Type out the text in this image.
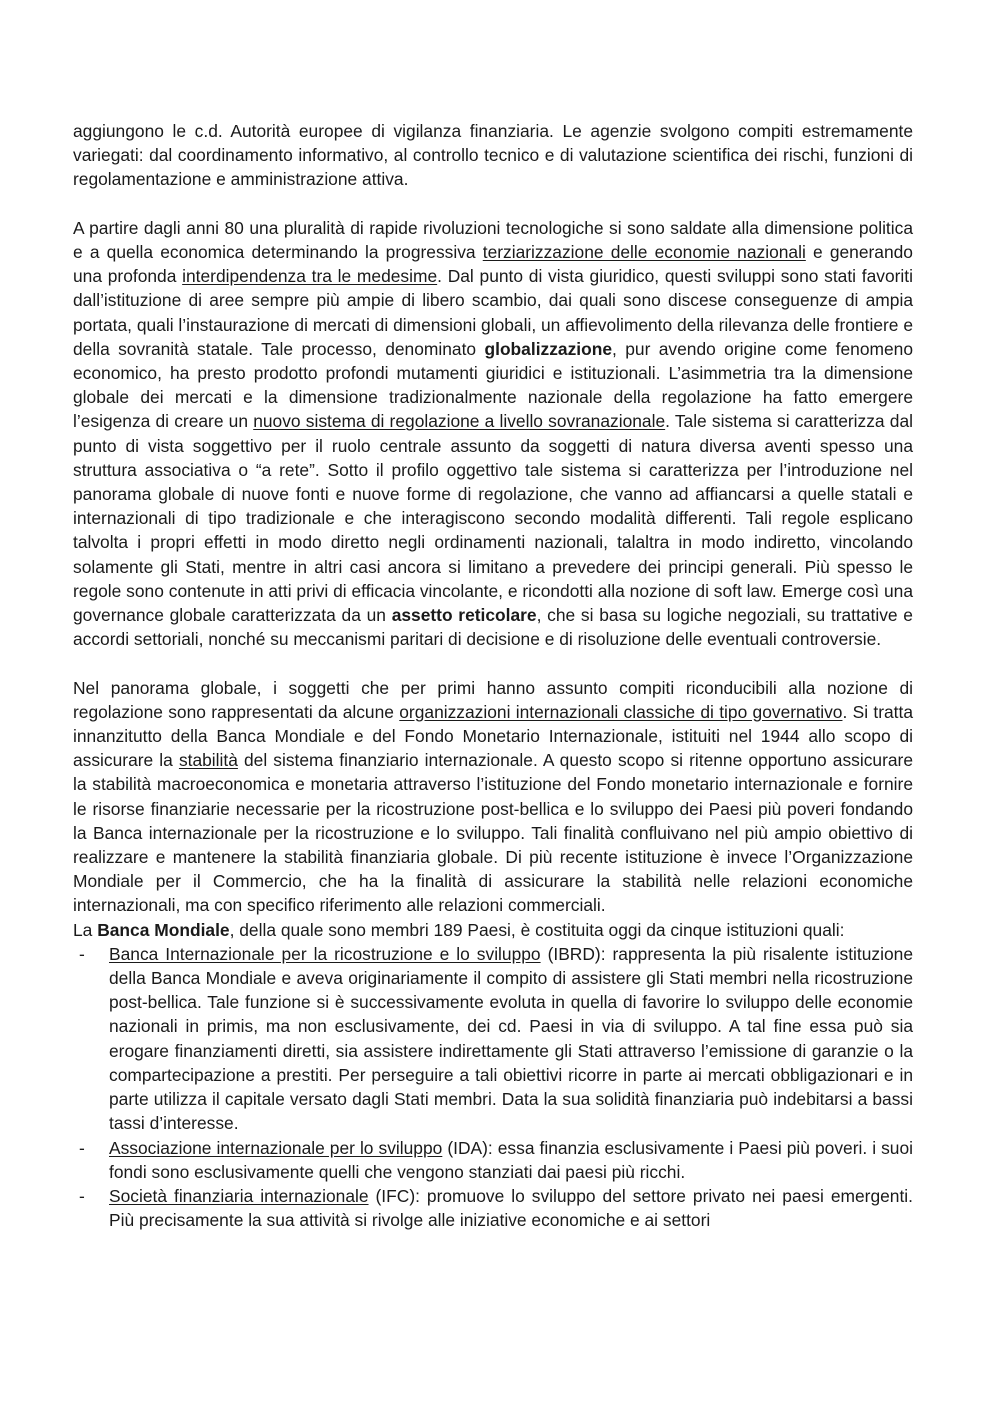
aggiungono le c.d. Autorità europee di vigilanza finanziaria. Le agenzie svolgono compiti estremamente variegati: dal coordinamento informativo, al controllo tecnico e di valutazione scientifica dei rischi, funzioni di regolamentazione e amministrazione attiva.

A partire dagli anni 80 una pluralità di rapide rivoluzioni tecnologiche si sono saldate alla dimensione politica e a quella economica determinando la progressiva terziarizzazione delle economie nazionali e generando una profonda interdipendenza tra le medesime. Dal punto di vista giuridico, questi sviluppi sono stati favoriti dall’istituzione di aree sempre più ampie di libero scambio, dai quali sono discese conseguenze di ampia portata, quali l’instaurazione di mercati di dimensioni globali, un affievolimento della rilevanza delle frontiere e della sovranità statale. Tale processo, denominato globalizzazione, pur avendo origine come fenomeno economico, ha presto prodotto profondi mutamenti giuridici e istituzionali. L’asimmetria tra la dimensione globale dei mercati e la dimensione tradizionalmente nazionale della regolazione ha fatto emergere l’esigenza di creare un nuovo sistema di regolazione a livello sovranazionale. Tale sistema si caratterizza dal punto di vista soggettivo per il ruolo centrale assunto da soggetti di natura diversa aventi spesso una struttura associativa o “a rete”. Sotto il profilo oggettivo tale sistema si caratterizza per l’introduzione nel panorama globale di nuove fonti e nuove forme di regolazione, che vanno ad affiancarsi a quelle statali e internazionali di tipo tradizionale e che interagiscono secondo modalità differenti. Tali regole esplicano talvolta i propri effetti in modo diretto negli ordinamenti nazionali, talaltra in modo indiretto, vincolando solamente gli Stati, mentre in altri casi ancora si limitano a prevedere dei principi generali. Più spesso le regole sono contenute in atti privi di efficacia vincolante, e ricondotti alla nozione di soft law. Emerge così una governance globale caratterizzata da un assetto reticolare, che si basa su logiche negoziali, su trattative e accordi settoriali, nonché su meccanismi paritari di decisione e di risoluzione delle eventuali controversie.

Nel panorama globale, i soggetti che per primi hanno assunto compiti riconducibili alla nozione di regolazione sono rappresentati da alcune organizzazioni internazionali classiche di tipo governativo. Si tratta innanzitutto della Banca Mondiale e del Fondo Monetario Internazionale, istituiti nel 1944 allo scopo di assicurare la stabilità del sistema finanziario internazionale. A questo scopo si ritenne opportuno assicurare la stabilità macroeconomica e monetaria attraverso l’istituzione del Fondo monetario internazionale e fornire le risorse finanziarie necessarie per la ricostruzione post-bellica e lo sviluppo dei Paesi più poveri fondando la Banca internazionale per la ricostruzione e lo sviluppo. Tali finalità confluivano nel più ampio obiettivo di realizzare e mantenere la stabilità finanziaria globale. Di più recente istituzione è invece l’Organizzazione Mondiale per il Commercio, che ha la finalità di assicurare la stabilità nelle relazioni economiche internazionali, ma con specifico riferimento alle relazioni commerciali.

La Banca Mondiale, della quale sono membri 189 Paesi, è costituita oggi da cinque istituzioni quali:

- Banca Internazionale per la ricostruzione e lo sviluppo (IBRD): rappresenta la più risalente istituzione della Banca Mondiale e aveva originariamente il compito di assistere gli Stati membri nella ricostruzione post-bellica. Tale funzione si è successivamente evoluta in quella di favorire lo sviluppo delle economie nazionali in primis, ma non esclusivamente, dei cd. Paesi in via di sviluppo. A tal fine essa può sia erogare finanziamenti diretti, sia assistere indirettamente gli Stati attraverso l’emissione di garanzie o la compartecipazione a prestiti. Per perseguire a tali obiettivi ricorre in parte ai mercati obbligazionari e in parte utilizza il capitale versato dagli Stati membri. Data la sua solidità finanziaria può indebitarsi a bassi tassi d’interesse.
- Associazione internazionale per lo sviluppo (IDA): essa finanzia esclusivamente i Paesi più poveri. i suoi fondi sono esclusivamente quelli che vengono stanziati dai paesi più ricchi.
- Società finanziaria internazionale (IFC): promuove lo sviluppo del settore privato nei paesi emergenti. Più precisamente la sua attività si rivolge alle iniziative economiche e ai settori
